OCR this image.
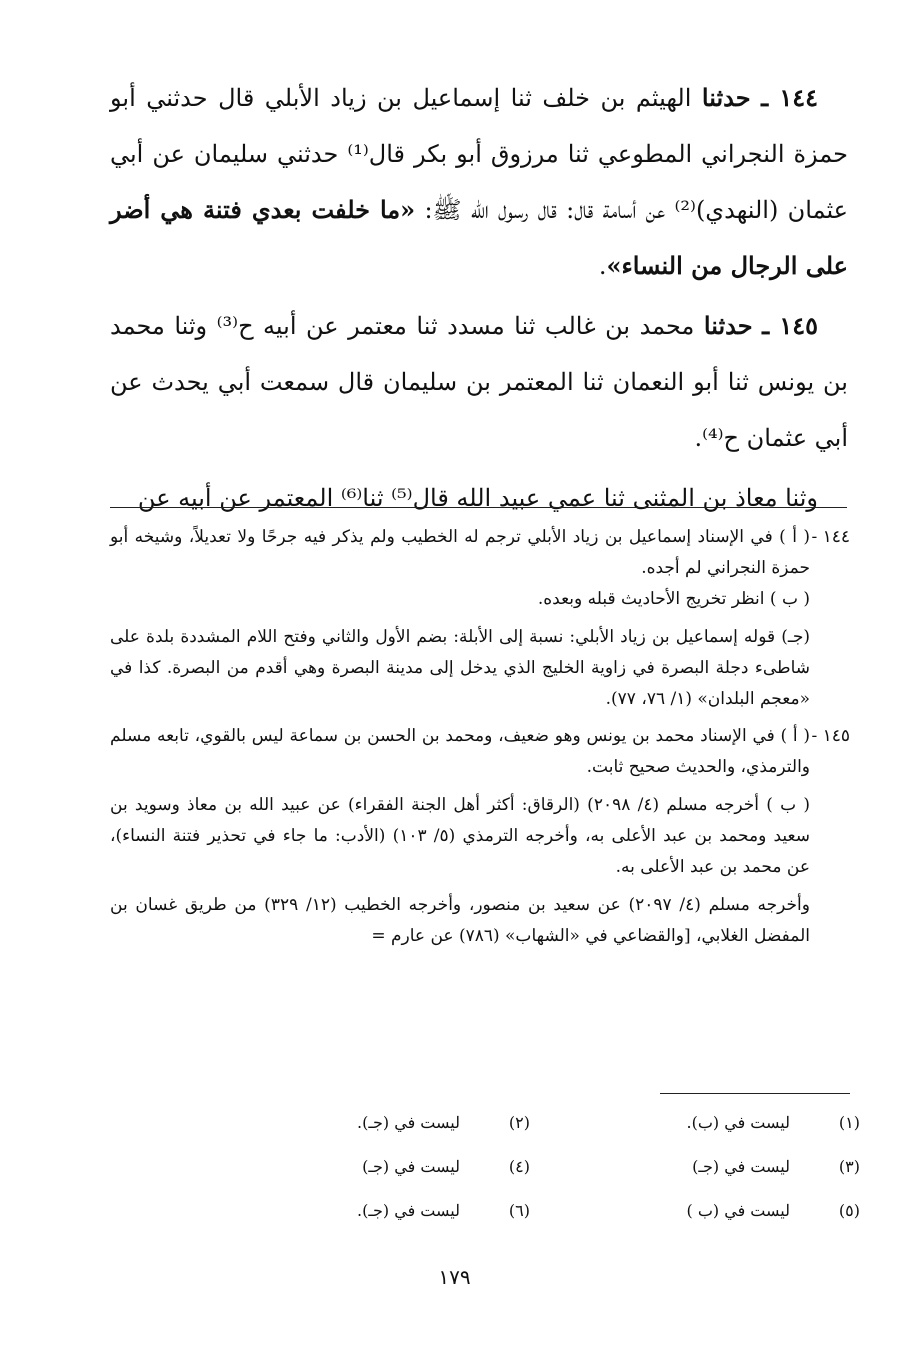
١٤٤ ـ حدثنا الهيثم بن خلف ثنا إسماعيل بن زياد الأبلي قال حدثني أبو حمزة النجراني المطوعي ثنا مرزوق أبو بكر قال⁽¹⁾ حدثني سليمان عن أبي عثمان (النهدي)⁽²⁾ عن أسامة قال: قال رسول الله ﷺ: «ما خلفت بعدي فتنة هي أضر على الرجال من النساء».

١٤٥ ـ حدثنا محمد بن غالب ثنا مسدد ثنا معتمر عن أبيه ح⁽³⁾ وثنا محمد بن يونس ثنا أبو النعمان ثنا المعتمر بن سليمان قال سمعت أبي يحدث عن أبي عثمان ح⁽⁴⁾.

وثنا معاذ بن المثنى ثنا عمي عبيد الله قال⁽⁵⁾ ثنا⁽⁶⁾ المعتمر عن أبيه عن

١٤٤ -

( أ ) في الإسناد إسماعيل بن زياد الأبلي ترجم له الخطيب ولم يذكر فيه جرحًا ولا تعديلاً، وشيخه أبو حمزة النجراني لم أجده.

( ب ) انظر تخريج الأحاديث قبله وبعده.

(جـ) قوله إسماعيل بن زياد الأبلي: نسبة إلى الأبلة: بضم الأول والثاني وفتح اللام المشددة بلدة على شاطىء دجلة البصرة في زاوية الخليج الذي يدخل إلى مدينة البصرة وهي أقدم من البصرة. كذا في «معجم البلدان» (١/ ٧٦، ٧٧).

١٤٥ -

( أ ) في الإسناد محمد بن يونس وهو ضعيف، ومحمد بن الحسن بن سماعة ليس بالقوي، تابعه مسلم والترمذي، والحديث صحيح ثابت.

( ب ) أخرجه مسلم (٤/ ٢٠٩٨) (الرقاق: أكثر أهل الجنة الفقراء) عن عبيد الله بن معاذ وسويد بن سعيد ومحمد بن عبد الأعلى به، وأخرجه الترمذي (٥/ ١٠٣) (الأدب: ما جاء في تحذير فتنة النساء)، عن محمد بن عبد الأعلى به.

وأخرجه مسلم (٤/ ٢٠٩٧) عن سعيد بن منصور، وأخرجه الخطيب (١٢/ ٣٢٩) من طريق غسان بن المفضل الغلابي، [والقضاعي في «الشهاب» (٧٨٦) عن عارم =

(١)
ليست في (ب).
(٢)
ليست في (جـ).
(٣)
ليست في (جـ)
(٤)
ليست في (جـ)
(٥)
ليست في (ب )
(٦)
ليست في (جـ).
١٧٩
